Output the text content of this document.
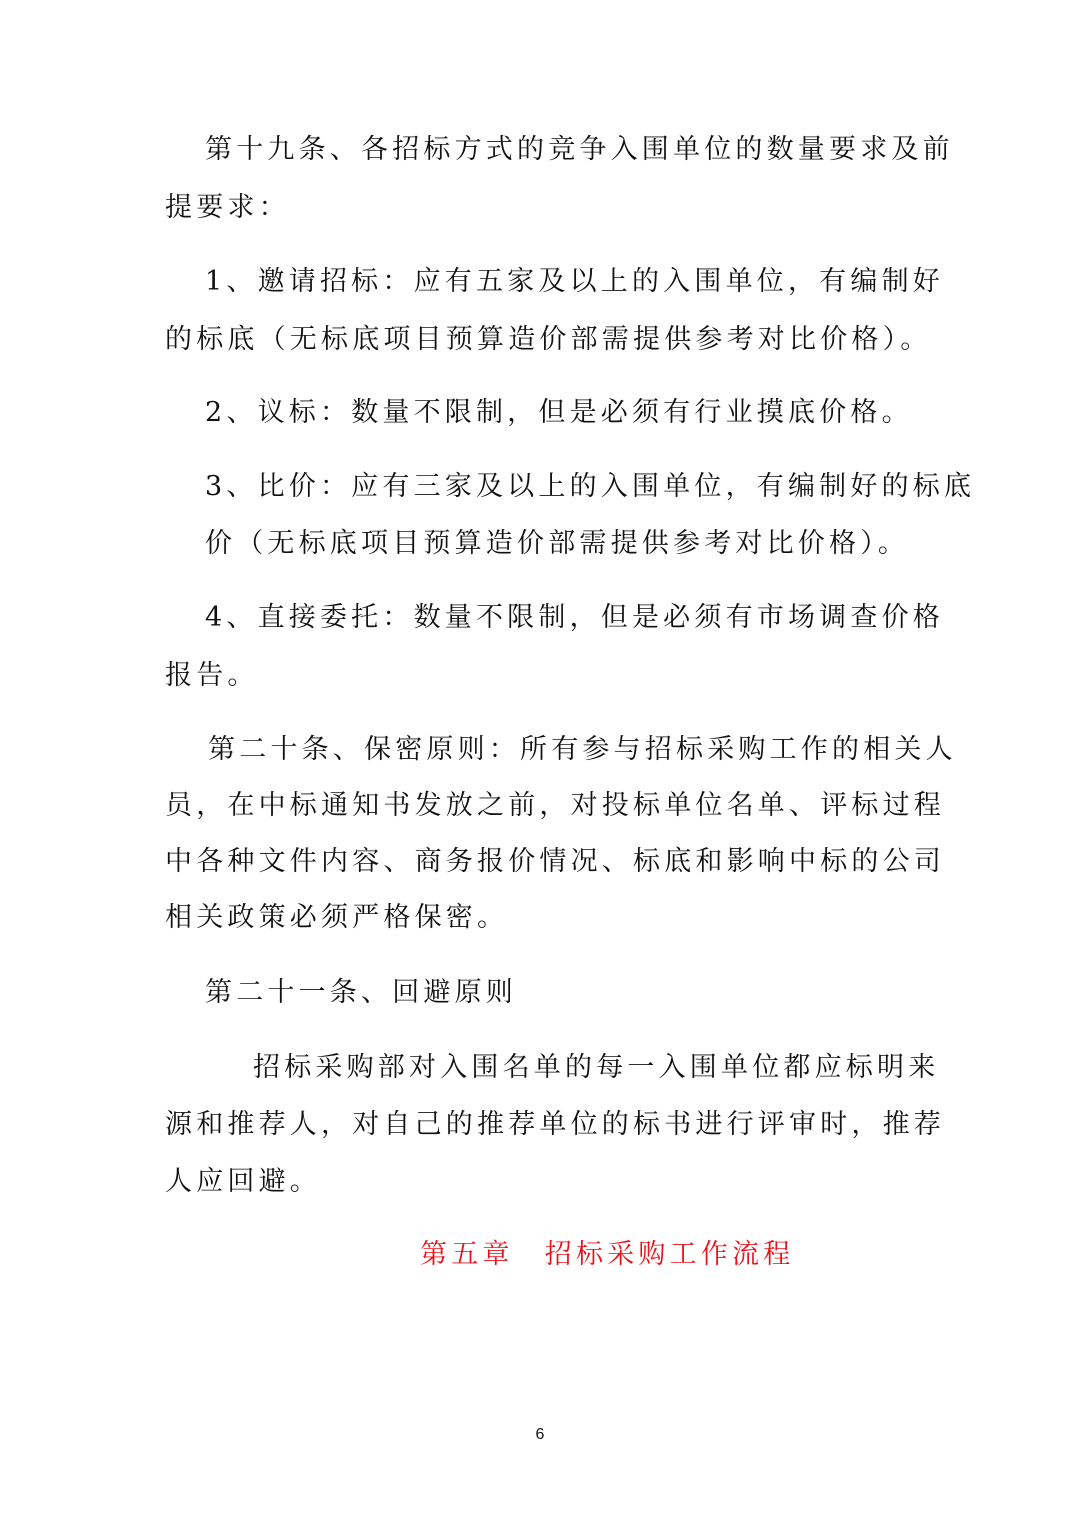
第十九条、各招标方式的竞争入围单位的数量要求及前
提要求：
1、邀请招标：应有五家及以上的入围单位，有编制好
的标底（无标底项目预算造价部需提供参考对比价格）。
2、议标：数量不限制，但是必须有行业摸底价格。
3、比价：应有三家及以上的入围单位，有编制好的标底
价（无标底项目预算造价部需提供参考对比价格）。
4、直接委托：数量不限制，但是必须有市场调查价格
报告。
第二十条、保密原则：所有参与招标采购工作的相关人
员，在中标通知书发放之前，对投标单位名单、评标过程
中各种文件内容、商务报价情况、标底和影响中标的公司
相关政策必须严格保密。
第二十一条、回避原则
招标采购部对入围名单的每一入围单位都应标明来
源和推荐人，对自己的推荐单位的标书进行评审时，推荐
人应回避。
第五章　招标采购工作流程
6
